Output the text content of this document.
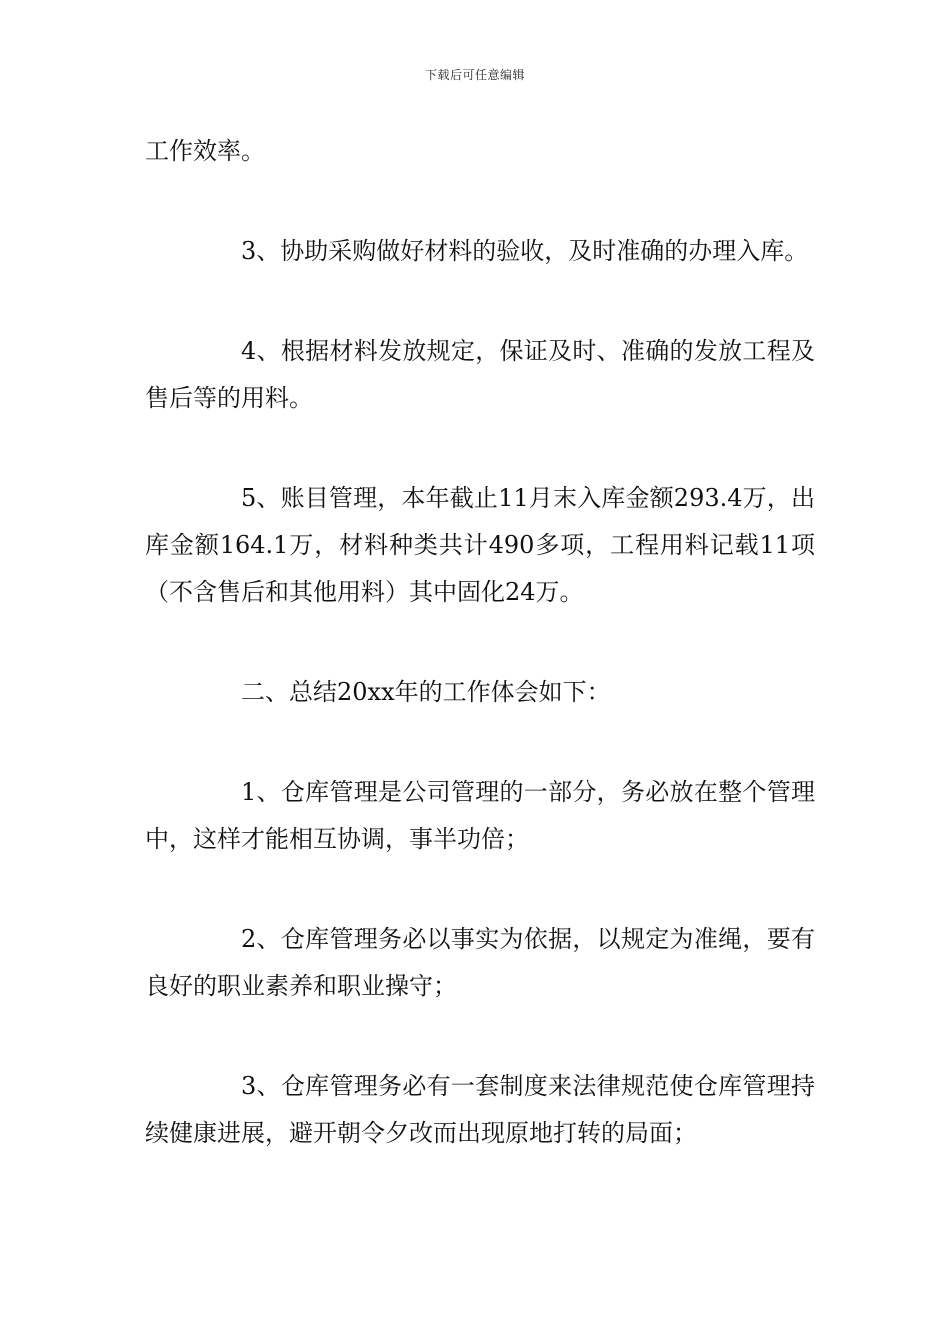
下载后可任意编辑

工作效率。

3、协助采购做好材料的验收，及时准确的办理入库。

4、根据材料发放规定，保证及时、准确的发放工程及售后等的用料。

5、账目管理，本年截止11月末入库金额293.4万，出库金额164.1万，材料种类共计490多项，工程用料记载11项（不含售后和其他用料）其中固化24万。

二、总结20xx年的工作体会如下：

1、仓库管理是公司管理的一部分，务必放在整个管理中，这样才能相互协调，事半功倍；

2、仓库管理务必以事实为依据，以规定为准绳，要有良好的职业素养和职业操守；

3、仓库管理务必有一套制度来法律规范使仓库管理持续健康进展，避开朝令夕改而出现原地打转的局面；
